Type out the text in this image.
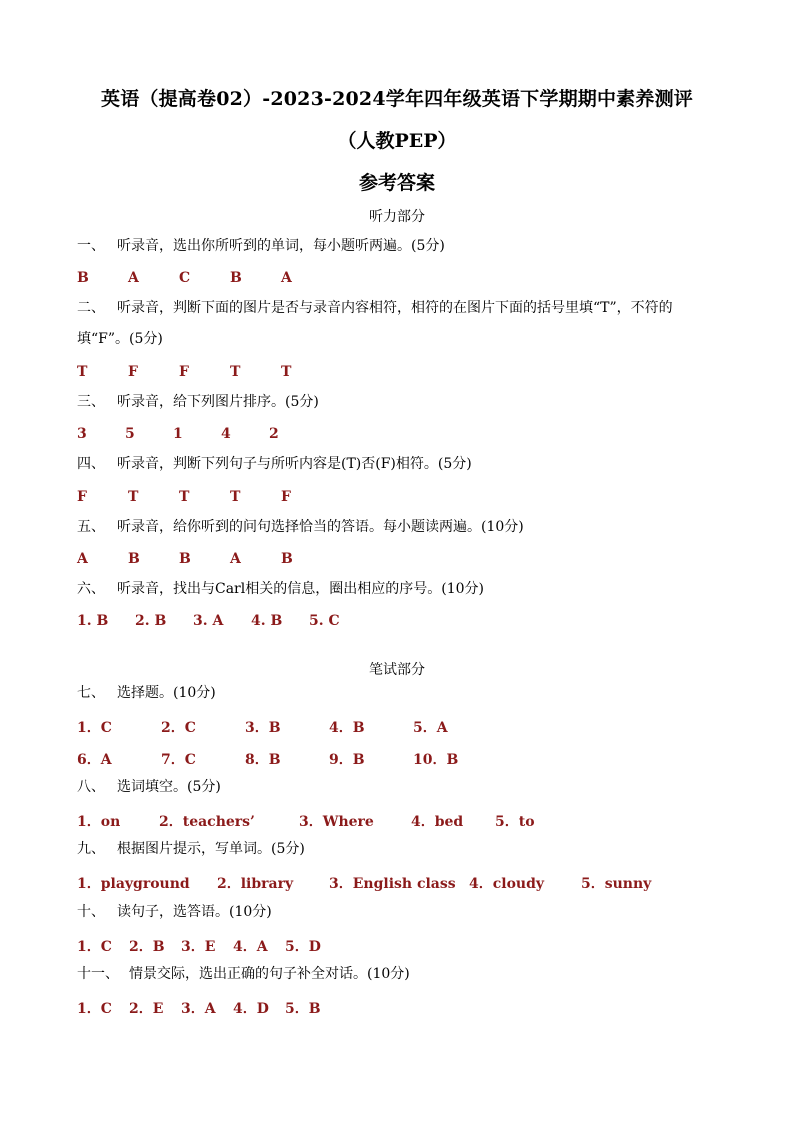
英语（提高卷02）-2023-2024学年四年级英语下学期期中素养测评
（人教PEP）
参考答案
听力部分
一、 听录音，选出你所听到的单词，每小题听两遍。(5分)
B	A	C	B	A
二、 听录音，判断下面的图片是否与录音内容相符，相符的在图片下面的括号里填“T”，不符的填“F”。(5分)
T	F	F	T	T
三、 听录音，给下列图片排序。(5分)
3	5	1	4	2
四、 听录音，判断下列句子与所听内容是(T)否(F)相符。(5分)
F	T	T	T	F
五、 听录音，给你听到的问句选择恰当的答语。每小题读两遍。(10分)
A	B	B	A	B
六、 听录音，找出与Carl相关的信息，圈出相应的序号。(10分)
1. B 2. B 3. A 4. B 5. C
笔试部分
七、 选择题。(10分)
1．C	2．C	3．B	4．B	5．A
6．A	7．C	8．B	9．B	10．B
八、 选词填空。(5分)
1．on	2．teachers’	3．Where	4．bed 5．to
九、 根据图片提示，写单词。(5分)
1．playground 2．library	3．English class 4．cloudy	5．sunny
十、 读句子，选答语。(10分)
1．C 2．B 3．E 4．A 5．D
十一、 情景交际，选出正确的句子补全对话。(10分)
1．C 2．E 3．A 4．D 5．B
